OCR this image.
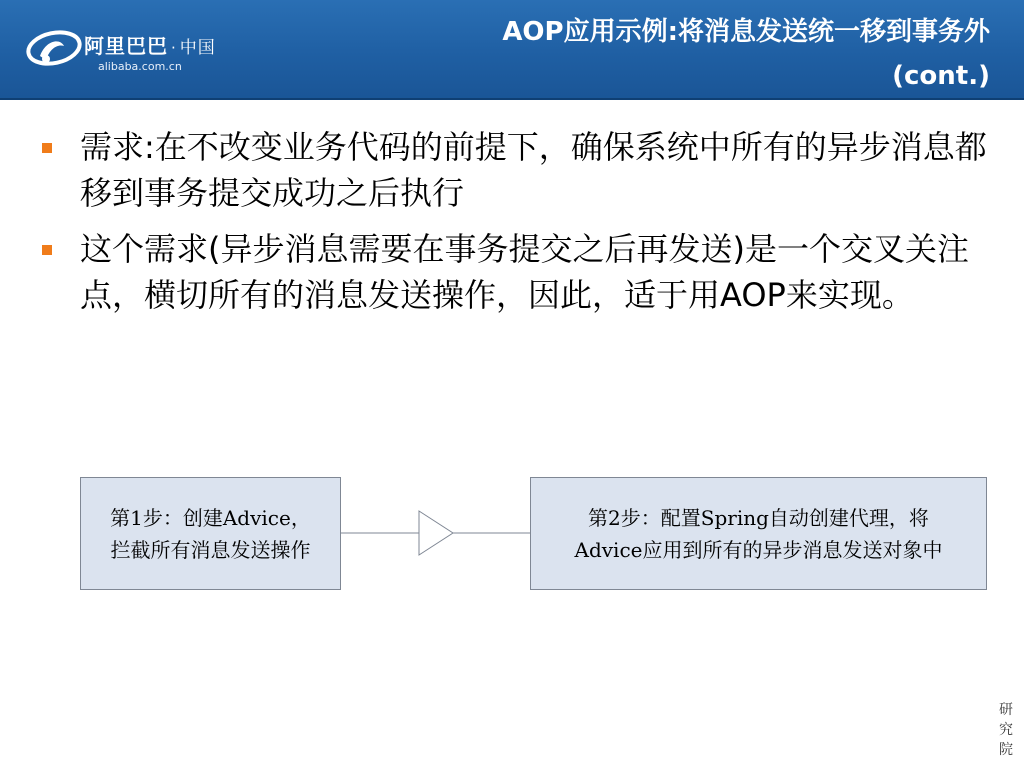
阿里巴巴 · 中国
alibaba.com.cn
AOP应用示例:将消息发送统一移到事务外
(cont.)
需求:在不改变业务代码的前提下，确保系统中所有的异步消息都移到事务提交成功之后执行
这个需求(异步消息需要在事务提交之后再发送)是一个交叉关注点，横切所有的消息发送操作，因此，适于用AOP来实现。
第1步：创建Advice，
拦截所有消息发送操作
第2步：配置Spring自动创建代理，将
Advice应用到所有的异步消息发送对象中
研究院
